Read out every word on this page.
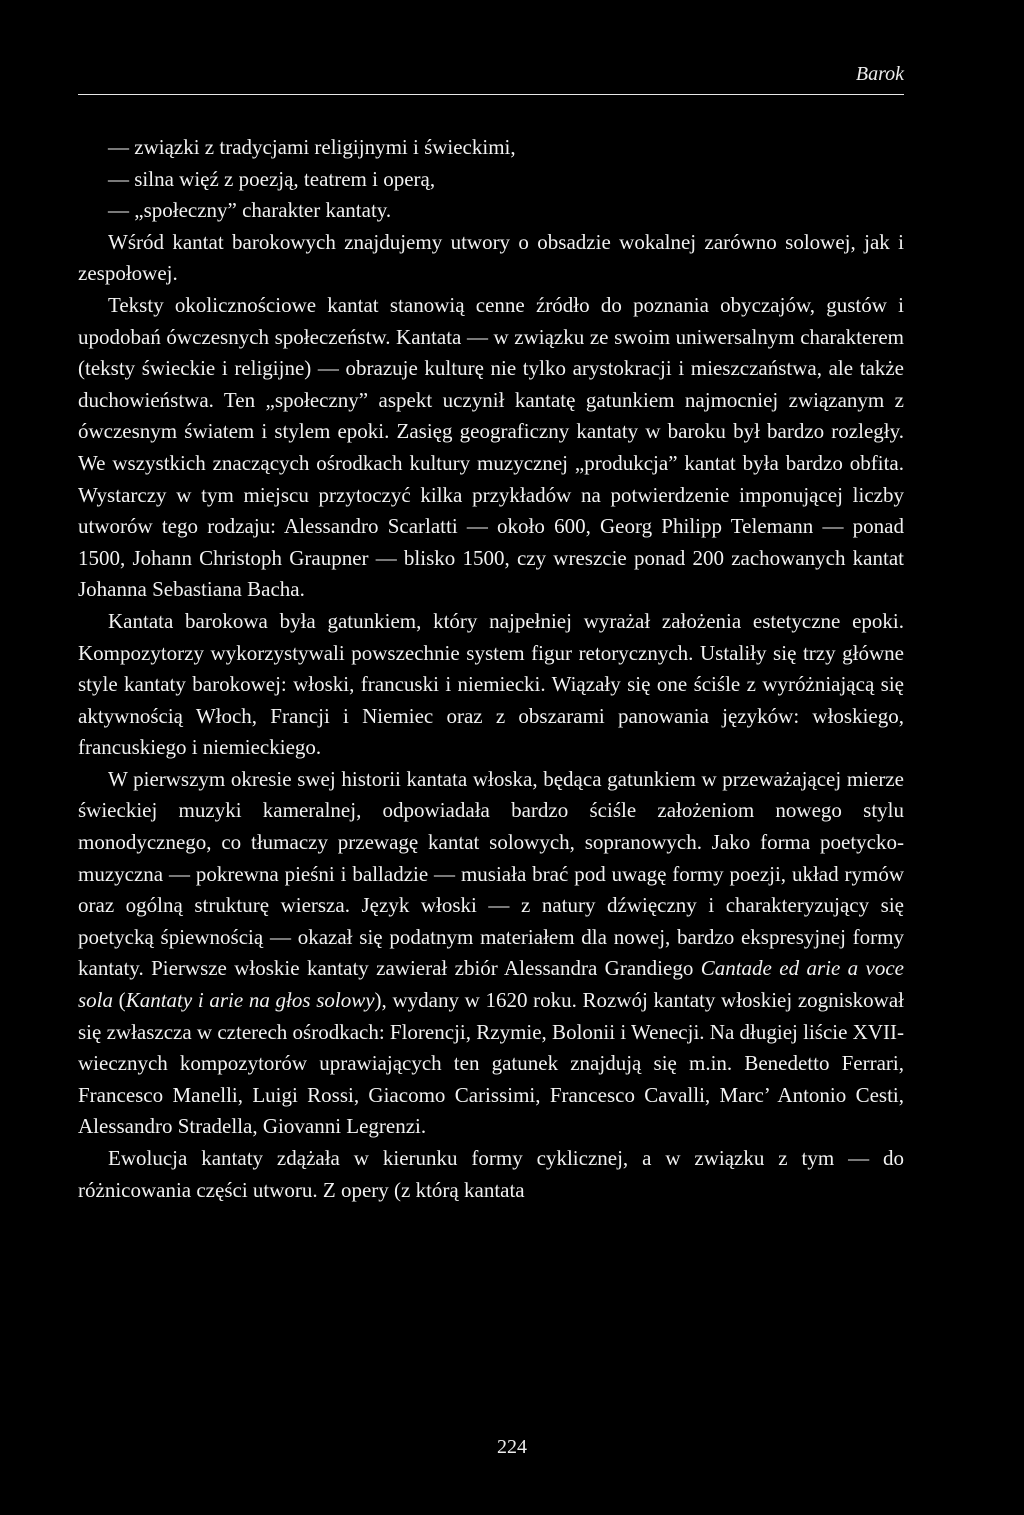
Barok

— związki z tradycjami religijnymi i świeckimi,

— silna więź z poezją, teatrem i operą,

— „społeczny” charakter kantaty.

Wśród kantat barokowych znajdujemy utwory o obsadzie wokalnej zarówno solowej, jak i zespołowej.

Teksty okolicznościowe kantat stanowią cenne źródło do poznania obyczajów, gustów i upodobań ówczesnych społeczeństw. Kantata — w związku ze swoim uniwersalnym charakterem (teksty świeckie i religijne) — obrazuje kulturę nie tylko arystokracji i mieszczaństwa, ale także duchowieństwa. Ten „społeczny” aspekt uczynił kantatę gatunkiem najmocniej związanym z ówczesnym światem i stylem epoki. Zasięg geograficzny kantaty w baroku był bardzo rozległy. We wszystkich znaczących ośrodkach kultury muzycznej „produkcja” kantat była bardzo obfita. Wystarczy w tym miejscu przytoczyć kilka przykładów na potwierdzenie imponującej liczby utworów tego rodzaju: Alessandro Scarlatti — około 600, Georg Philipp Telemann — ponad 1500, Johann Christoph Graupner — blisko 1500, czy wreszcie ponad 200 zachowanych kantat Johanna Sebastiana Bacha.

Kantata barokowa była gatunkiem, który najpełniej wyrażał założenia estetyczne epoki. Kompozytorzy wykorzystywali powszechnie system figur retorycznych. Ustaliły się trzy główne style kantaty barokowej: włoski, francuski i niemiecki. Wiązały się one ściśle z wyróżniającą się aktywnością Włoch, Francji i Niemiec oraz z obszarami panowania języków: włoskiego, francuskiego i niemieckiego.

W pierwszym okresie swej historii kantata włoska, będąca gatunkiem w przeważającej mierze świeckiej muzyki kameralnej, odpowiadała bardzo ściśle założeniom nowego stylu monodycznego, co tłumaczy przewagę kantat solowych, sopranowych. Jako forma poetycko-muzyczna — pokrewna pieśni i balladzie — musiała brać pod uwagę formy poezji, układ rymów oraz ogólną strukturę wiersza. Język włoski — z natury dźwięczny i charakteryzujący się poetycką śpiewnością — okazał się podatnym materiałem dla nowej, bardzo ekspresyjnej formy kantaty. Pierwsze włoskie kantaty zawierał zbiór Alessandra Grandiego Cantade ed arie a voce sola (Kantaty i arie na głos solowy), wydany w 1620 roku. Rozwój kantaty włoskiej zogniskował się zwłaszcza w czterech ośrodkach: Florencji, Rzymie, Bolonii i Wenecji. Na długiej liście XVII-wiecznych kompozytorów uprawiających ten gatunek znajdują się m.in. Benedetto Ferrari, Francesco Manelli, Luigi Rossi, Giacomo Carissimi, Francesco Cavalli, Marc’ Antonio Cesti, Alessandro Stradella, Giovanni Legrenzi.

Ewolucja kantaty zdążała w kierunku formy cyklicznej, a w związku z tym — do różnicowania części utworu. Z opery (z którą kantata

224
